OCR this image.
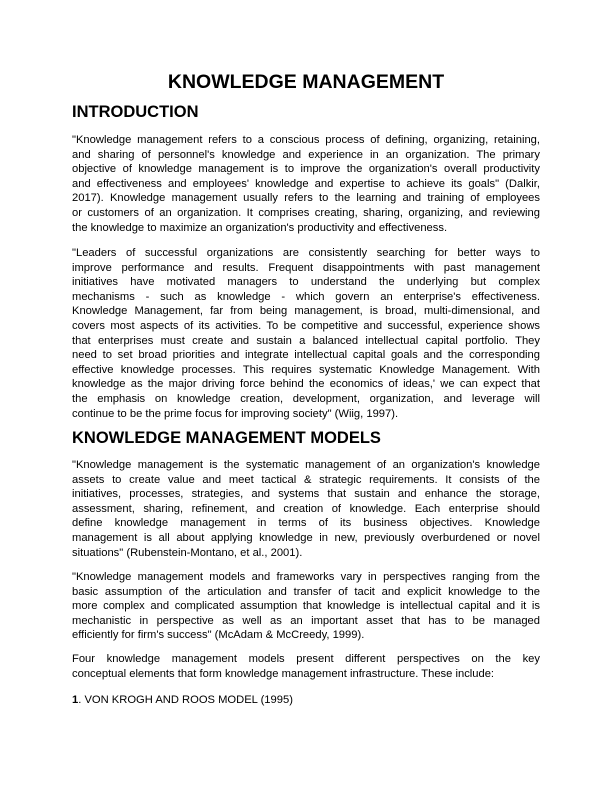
KNOWLEDGE MANAGEMENT
INTRODUCTION
"Knowledge management refers to a conscious process of defining, organizing, retaining,
and sharing of personnel's knowledge and experience in an organization. The primary
objective of knowledge management is to improve the organization's overall productivity
and effectiveness and employees' knowledge and expertise to achieve its goals" (Dalkir,
2017). Knowledge management usually refers to the learning and training of employees
or customers of an organization. It comprises creating, sharing, organizing, and reviewing
the knowledge to maximize an organization's productivity and effectiveness.
"Leaders of successful organizations are consistently searching for better ways to
improve performance and results. Frequent disappointments with past management
initiatives have motivated managers to understand the underlying but complex
mechanisms - such as knowledge - which govern an enterprise's effectiveness.
Knowledge Management, far from being management, is broad, multi-dimensional, and
covers most aspects of its activities. To be competitive and successful, experience shows
that enterprises must create and sustain a balanced intellectual capital portfolio. They
need to set broad priorities and integrate intellectual capital goals and the corresponding
effective knowledge processes. This requires systematic Knowledge Management. With
knowledge as the major driving force behind the economics of ideas,' we can expect that
the emphasis on knowledge creation, development, organization, and leverage will
continue to be the prime focus for improving society" (Wiig, 1997).
KNOWLEDGE MANAGEMENT MODELS
"Knowledge management is the systematic management of an organization's knowledge
assets to create value and meet tactical & strategic requirements. It consists of the
initiatives, processes, strategies, and systems that sustain and enhance the storage,
assessment, sharing, refinement, and creation of knowledge. Each enterprise should
define knowledge management in terms of its business objectives. Knowledge
management is all about applying knowledge in new, previously overburdened or novel
situations" (Rubenstein-Montano, et al., 2001).
"Knowledge management models and frameworks vary in perspectives ranging from the
basic assumption of the articulation and transfer of tacit and explicit knowledge to the
more complex and complicated assumption that knowledge is intellectual capital and it is
mechanistic in perspective as well as an important asset that has to be managed
efficiently for firm's success" (McAdam & McCreedy, 1999).
Four knowledge management models present different perspectives on the key
conceptual elements that form knowledge management infrastructure. These include:
1. VON KROGH AND ROOS MODEL (1995)
